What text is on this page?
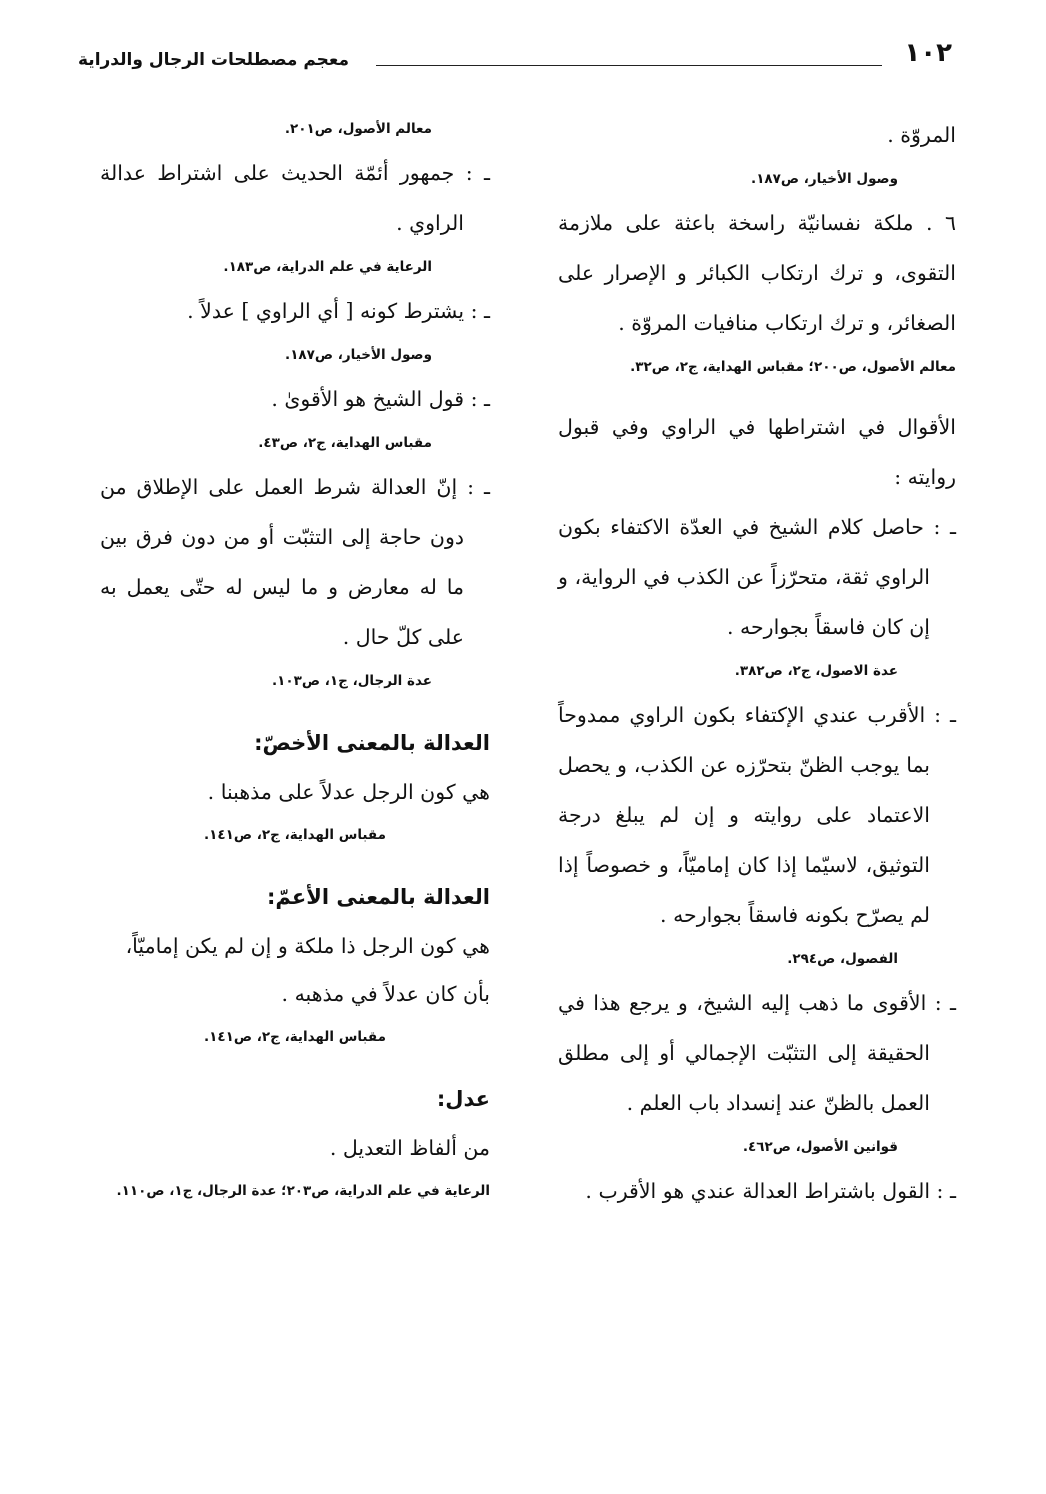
١٠٢
معجم مصطلحات الرجال والدراية
المروّة .
وصول الأخيار، ص١٨٧.
٦ . ملكة نفسانيّة راسخة باعثة على ملازمة التقوى، و ترك ارتكاب الكبائر و الإصرار على الصغائر، و ترك ارتكاب منافيات المروّة .
معالم الأصول، ص٢٠٠؛ مقباس الهداية، ج٢، ص٣٢.
الأقوال في اشتراطها في الراوي وفي قبول روايته :
ـ : حاصل كلام الشيخ في العدّة الاكتفاء بكون الراوي ثقة، متحرّزاً عن الكذب في الرواية، و إن كان فاسقاً بجوارحه .
عدة الاصول، ج٢، ص٣٨٢.
ـ : الأقرب عندي الإكتفاء بكون الراوي ممدوحاً بما يوجب الظنّ بتحرّزه عن الكذب، و يحصل الاعتماد على روايته و إن لم يبلغ درجة التوثيق، لاسيّما إذا كان إماميّاً، و خصوصاً إذا لم يصرّح بكونه فاسقاً بجوارحه .
الفصول، ص٢٩٤.
ـ : الأقوى ما ذهب إليه الشيخ، و يرجع هذا في الحقيقة إلى التثبّت الإجمالي أو إلى مطلق العمل بالظنّ عند إنسداد باب العلم .
قوانين الأصول، ص٤٦٢.
ـ : القول باشتراط العدالة عندي هو الأقرب .
معالم الأصول، ص٢٠١.
ـ : جمهور أئمّة الحديث على اشتراط عدالة الراوي .
الرعاية في علم الدراية، ص١٨٣.
ـ : يشترط كونه [ أي الراوي ] عدلاً .
وصول الأخيار، ص١٨٧.
ـ : قول الشيخ هو الأقوىٰ .
مقباس الهداية، ج٢، ص٤٣.
ـ : إنّ العدالة شرط العمل على الإطلاق من دون حاجة إلى التثبّت أو من دون فرق بين ما له معارض و ما ليس له حتّى يعمل به على كلّ حال .
عدة الرجال، ج١، ص١٠٣.
العدالة بالمعنى الأخصّ:
هي كون الرجل عدلاً على مذهبنا .
مقباس الهداية، ج٢، ص١٤١.
العدالة بالمعنى الأعمّ:
هي كون الرجل ذا ملكة و إن لم يكن إماميّاً، بأن كان عدلاً في مذهبه .
مقباس الهداية، ج٢، ص١٤١.
عدل:
من ألفاظ التعديل .
الرعاية في علم الدراية، ص٢٠٣؛ عدة الرجال، ج١، ص١١٠.
